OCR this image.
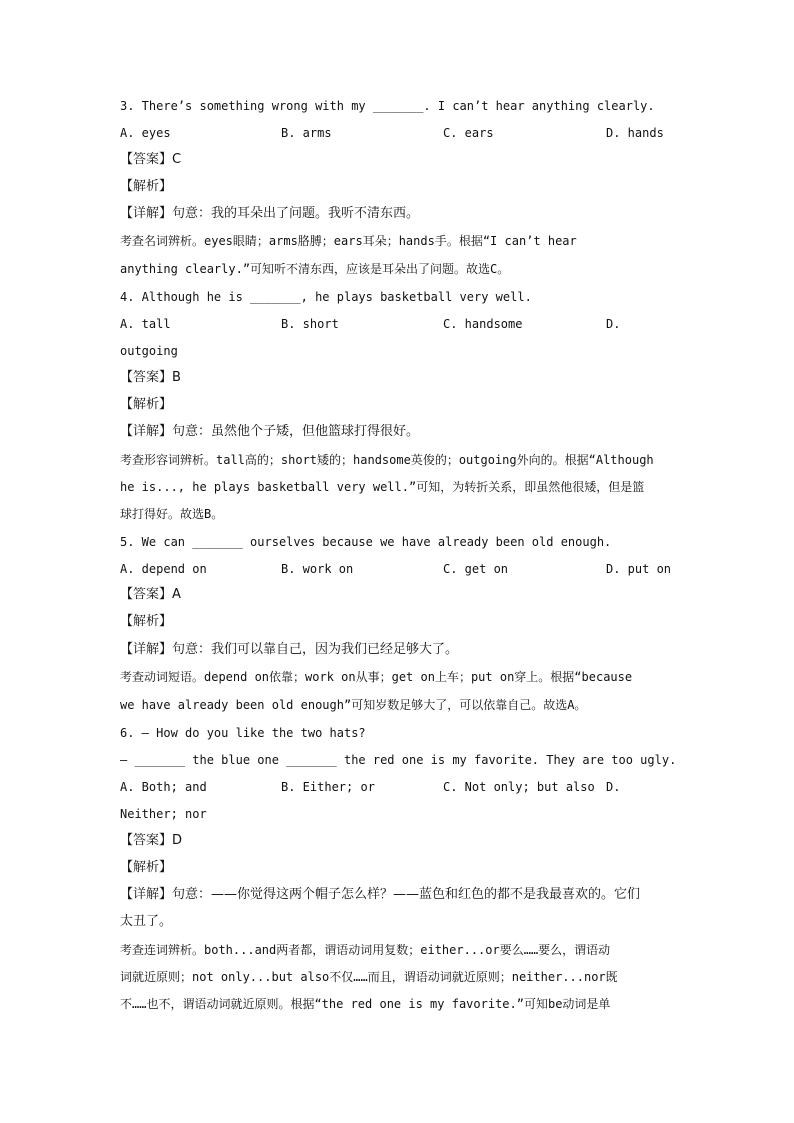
3. There’s something wrong with my _______. I can’t hear anything clearly.
A. eyes	B. arms	C. ears	D. hands
【答案】C
【解析】
【详解】句意：我的耳朵出了问题。我听不清东西。
考查名词辨析。eyes眼睛；arms胳膊；ears耳朵；hands手。根据“I can’t hear
anything clearly.”可知听不清东西，应该是耳朵出了问题。故选C。
4. Although he is _______, he plays basketball very well.
A. tall	B. short	C. handsome	D.
outgoing
【答案】B
【解析】
【详解】句意：虽然他个子矮，但他篮球打得很好。
考查形容词辨析。tall高的；short矮的；handsome英俊的；outgoing外向的。根据“Although
he is..., he plays basketball very well.”可知，为转折关系，即虽然他很矮，但是篮
球打得好。故选B。
5. We can _______ ourselves because we have already been old enough.
A. depend on	B. work on	C. get on	D. put on
【答案】A
【解析】
【详解】句意：我们可以靠自己，因为我们已经足够大了。
考查动词短语。depend on依靠；work on从事；get on上车；put on穿上。根据“because
we have already been old enough”可知岁数足够大了，可以依靠自己。故选A。
6. — How do you like the two hats?
— _______ the blue one _______ the red one is my favorite. They are too ugly.
A. Both; and	B. Either; or	C. Not only; but also D.
Neither; nor
【答案】D
【解析】
【详解】句意：——你觉得这两个帽子怎么样？——蓝色和红色的都不是我最喜欢的。它们
太丑了。
考查连词辨析。both...and两者都，谓语动词用复数；either...or要么……要么，谓语动
词就近原则；not only...but also不仅……而且，谓语动词就近原则；neither...nor既
不……也不，谓语动词就近原则。根据“the red one is my favorite.”可知be动词是单
